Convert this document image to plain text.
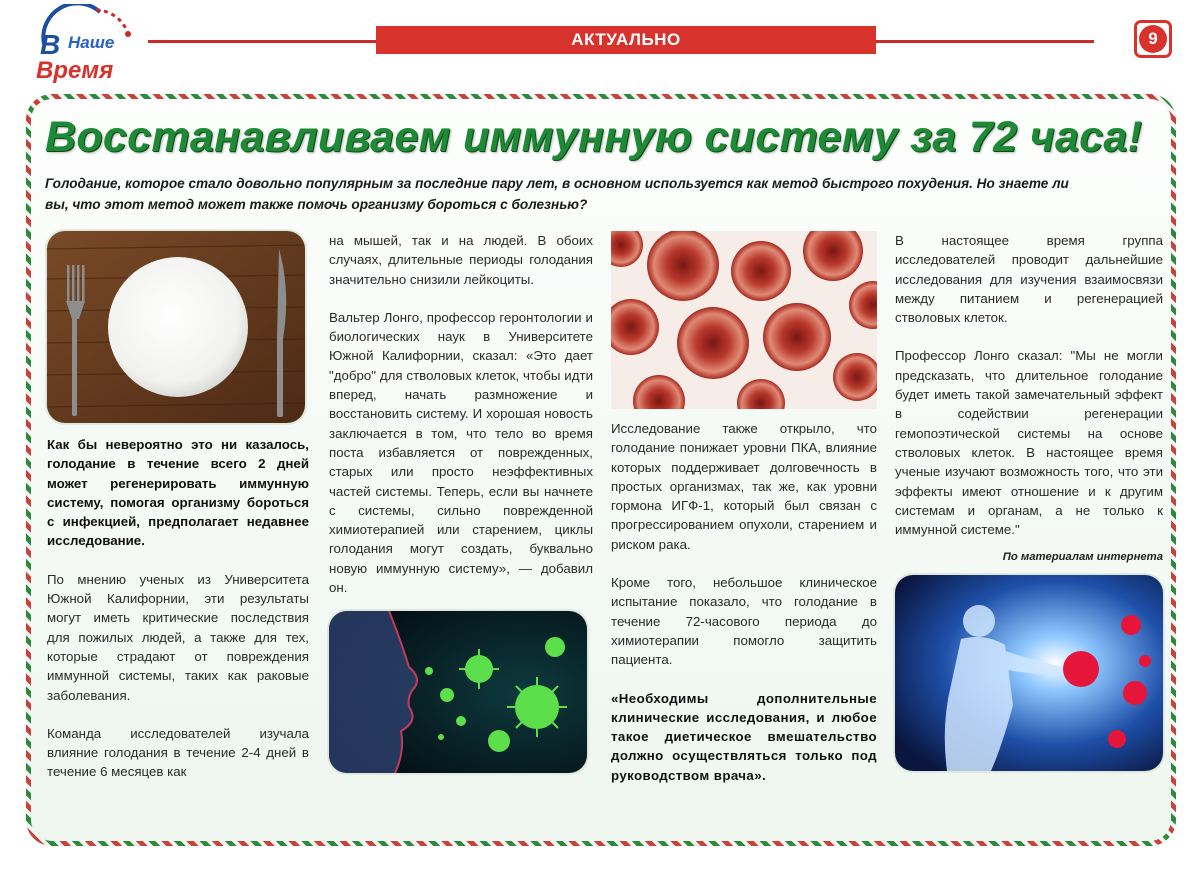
В Наше
Время
АКТУАЛЬНО	9
Восстанавливаем иммунную систему за 72 часа!
Голодание, которое стало довольно популярным за последние пару лет, в основном используется как метод быстрого похудения. Но знаете ли
вы, что этот метод может также помочь организму бороться с болезнью?

Как бы невероятно это ни казалось, голодание в течение всего 2 дней может регенерировать иммунную систему, помогая организму бороться с инфекцией, предполагает недавнее исследование.

По мнению ученых из Университета Южной Калифорнии, эти результаты могут иметь критические последствия для пожилых людей, а также для тех, которые страдают от повреждения иммунной системы, таких как раковые заболевания.

Команда исследователей изучала влияние голодания в течение 2-4 дней в течение 6 месяцев как

на мышей, так и на людей. В обоих случаях, длительные периоды голодания значительно снизили лейкоциты.

Вальтер Лонго, профессор геронтологии и биологических наук в Университете Южной Калифорнии, сказал: «Это дает "добро" для стволовых клеток, чтобы идти вперед, начать размножение и восстановить систему. И хорошая новость заключается в том, что тело во время поста избавляется от поврежденных, старых или просто неэффективных частей системы. Теперь, если вы начнете с системы, сильно поврежденной химиотерапией или старением, циклы голодания могут создать, буквально новую иммунную систему», — добавил он.

Исследование также открыло, что голодание понижает уровни ПКА, влияние которых поддерживает долговечность в простых организмах, так же, как уровни гормона ИГФ-1, который был связан с прогрессированием опухоли, старением и риском рака.

Кроме того, небольшое клиническое испытание показало, что голодание в течение 72-часового периода до химиотерапии помогло защитить пациента.

«Необходимы дополнительные клинические исследования, и любое такое диетическое вмешательство должно осуществляться только под руководством врача».

В настоящее время группа исследователей проводит дальнейшие исследования для изучения взаимосвязи между питанием и регенерацией стволовых клеток.

Профессор Лонго сказал: "Мы не могли предсказать, что длительное голодание будет иметь такой замечательный эффект в содействии регенерации гемопоэтической системы на основе стволовых клеток. В настоящее время ученые изучают возможность того, что эти эффекты имеют отношение и к другим системам и органам, а не только к иммунной системе."

По материалам интернета
